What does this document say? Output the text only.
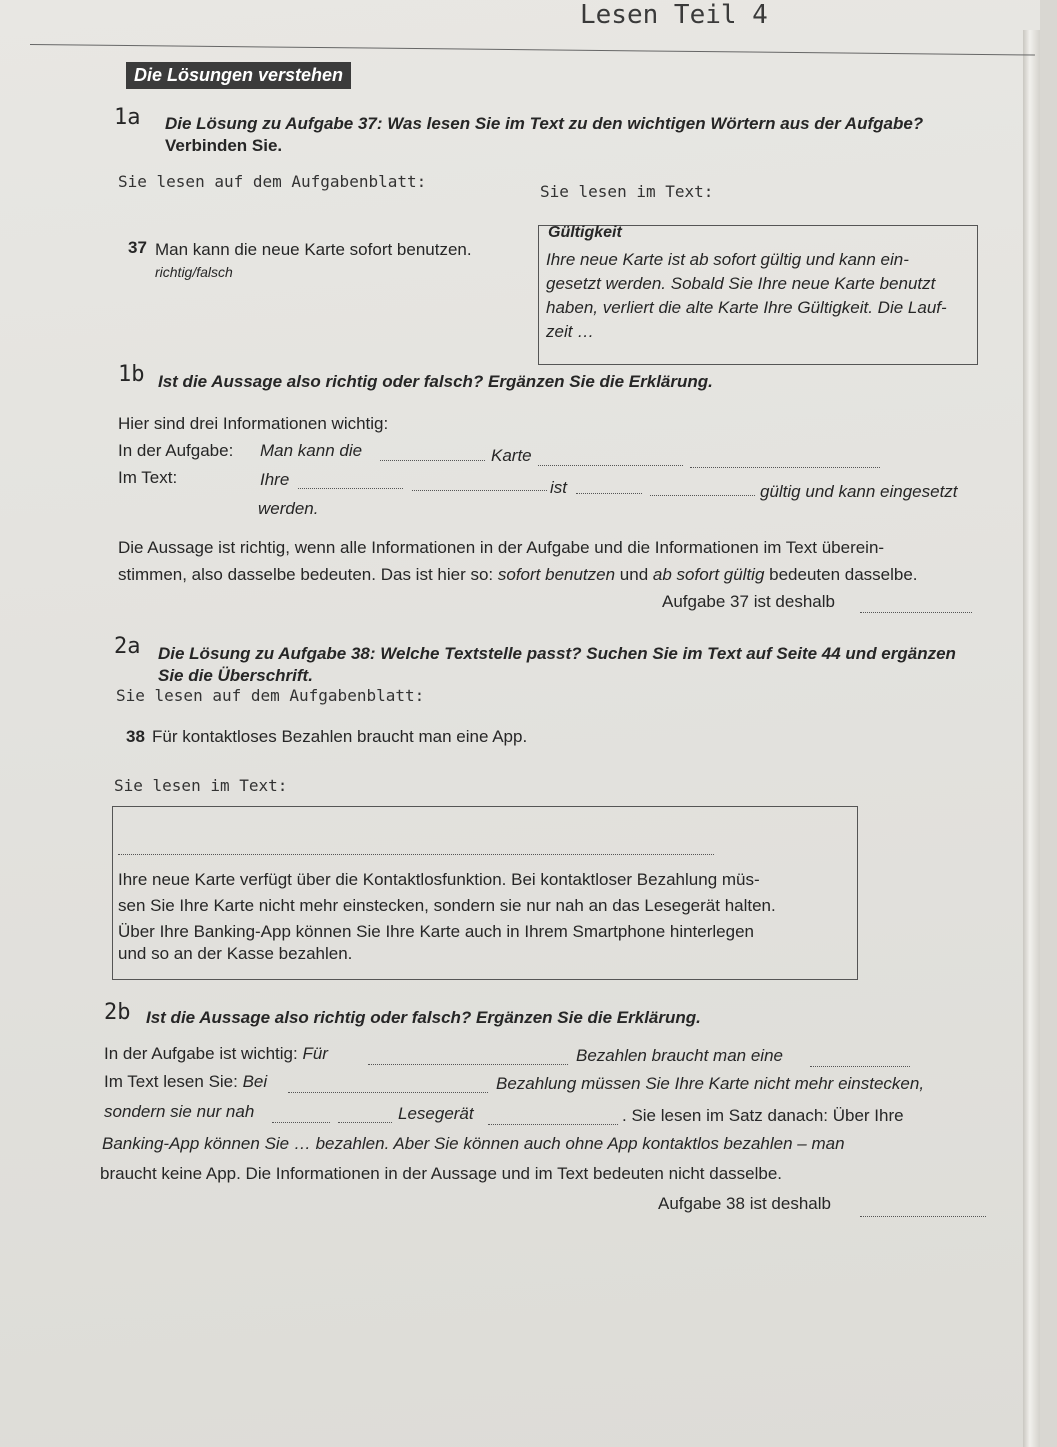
Lesen Teil 4
Die Lösungen verstehen
1a Die Lösung zu Aufgabe 37: Was lesen Sie im Text zu den wichtigen Wörtern aus der Aufgabe?
Verbinden Sie.
Sie lesen auf dem Aufgabenblatt:
Sie lesen im Text:
37 Man kann die neue Karte sofort benutzen.
richtig/falsch
Gültigkeit
Ihre neue Karte ist ab sofort gültig und kann ein-
gesetzt werden. Sobald Sie Ihre neue Karte benutzt
haben, verliert die alte Karte Ihre Gültigkeit. Die Lauf-
zeit …
1b Ist die Aussage also richtig oder falsch? Ergänzen Sie die Erklärung.
Hier sind drei Informationen wichtig:
In der Aufgabe: Man kann die	Karte
Im Text:	Ihre	ist	gültig und kann eingesetzt
werden.
Die Aussage ist richtig, wenn alle Informationen in der Aufgabe und die Informationen im Text überein-
stimmen, also dasselbe bedeuten. Das ist hier so: sofort benutzen und ab sofort gültig bedeuten dasselbe.
Aufgabe 37 ist deshalb
2a Die Lösung zu Aufgabe 38: Welche Textstelle passt? Suchen Sie im Text auf Seite 44 und ergänzen
Sie die Überschrift.
Sie lesen auf dem Aufgabenblatt:
38 Für kontaktloses Bezahlen braucht man eine App.
Sie lesen im Text:
Ihre neue Karte verfügt über die Kontaktlosfunktion. Bei kontaktloser Bezahlung müs-
sen Sie Ihre Karte nicht mehr einstecken, sondern sie nur nah an das Lesegerät halten.
Über Ihre Banking-App können Sie Ihre Karte auch in Ihrem Smartphone hinterlegen
und so an der Kasse bezahlen.
2b Ist die Aussage also richtig oder falsch? Ergänzen Sie die Erklärung.
In der Aufgabe ist wichtig: Für	Bezahlen braucht man eine
Im Text lesen Sie: Bei	Bezahlung müssen Sie Ihre Karte nicht mehr einstecken,
sondern sie nur nah	Lesegerät	. Sie lesen im Satz danach: Über Ihre
Banking-App können Sie … bezahlen. Aber Sie können auch ohne App kontaktlos bezahlen – man
braucht keine App. Die Informationen in der Aussage und im Text bedeuten nicht dasselbe.
Aufgabe 38 ist deshalb
